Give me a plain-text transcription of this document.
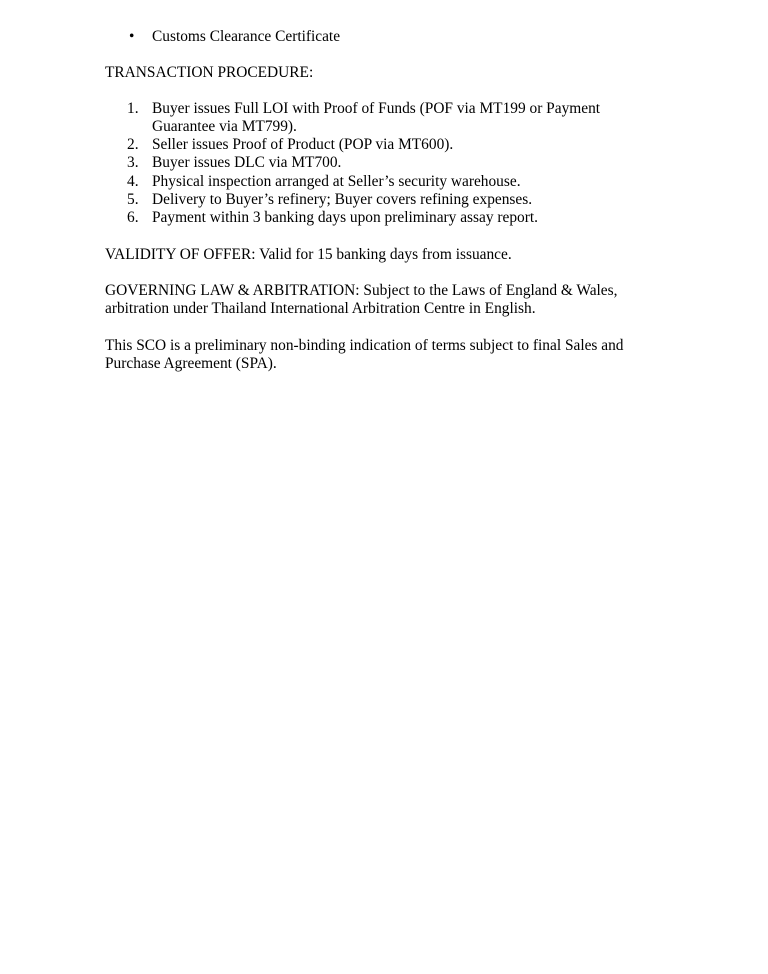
• Customs Clearance Certificate
TRANSACTION PROCEDURE:
1. Buyer issues Full LOI with Proof of Funds (POF via MT199 or Payment Guarantee via MT799).
2. Seller issues Proof of Product (POP via MT600).
3. Buyer issues DLC via MT700.
4. Physical inspection arranged at Seller’s security warehouse.
5. Delivery to Buyer’s refinery; Buyer covers refining expenses.
6. Payment within 3 banking days upon preliminary assay report.

VALIDITY OF OFFER: Valid for 15 banking days from issuance.

GOVERNING LAW & ARBITRATION: Subject to the Laws of England & Wales, arbitration under Thailand International Arbitration Centre in English.

This SCO is a preliminary non-binding indication of terms subject to final Sales and Purchase Agreement (SPA).
